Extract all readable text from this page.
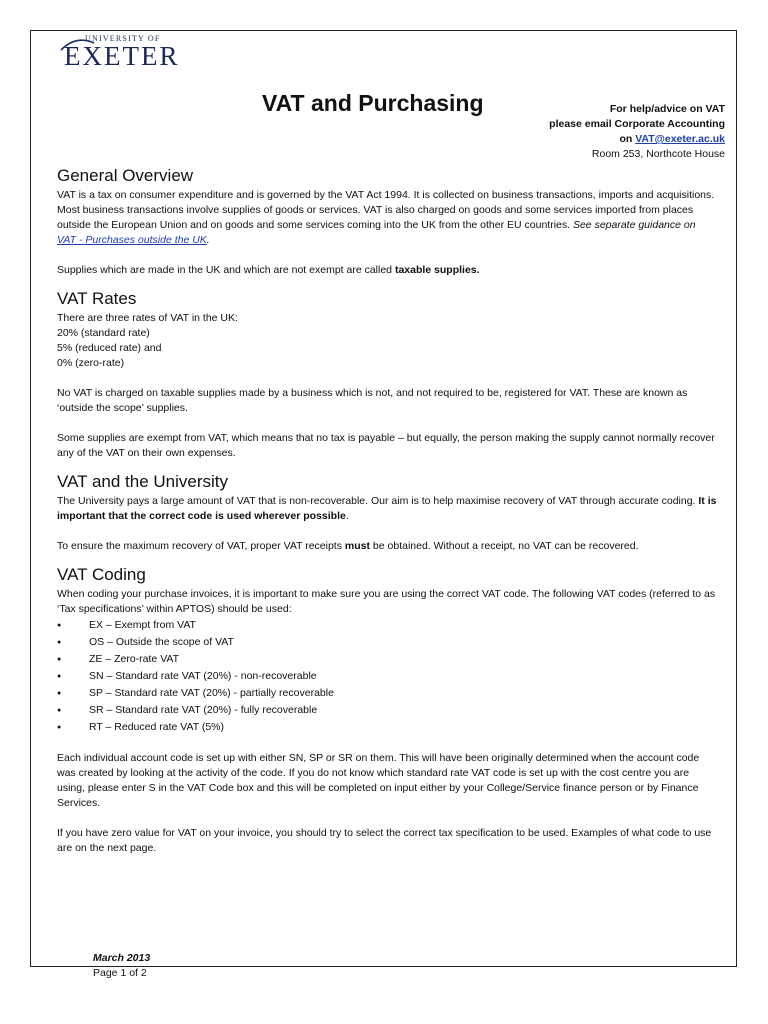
UNIVERSITY OF
EXETER
VAT and Purchasing	For help/advice on VAT
please email Corporate Accounting
on VAT@exeter.ac.uk
Room 253, Northcote House
General Overview

VAT is a tax on consumer expenditure and is governed by the VAT Act 1994. It is collected on business transactions, imports and acquisitions. Most business transactions involve supplies of goods or services. VAT is also charged on goods and some services imported from places outside the European Union and on goods and some services coming into the UK from the other EU countries. See separate guidance on VAT - Purchases outside the UK.

Supplies which are made in the UK and which are not exempt are called taxable supplies.

VAT Rates

There are three rates of VAT in the UK:

20% (standard rate)

5% (reduced rate) and

0% (zero-rate)

No VAT is charged on taxable supplies made by a business which is not, and not required to be, registered for VAT. These are known as ‘outside the scope’ supplies.

Some supplies are exempt from VAT, which means that no tax is payable – but equally, the person making the supply cannot normally recover any of the VAT on their own expenses.

VAT and the University

The University pays a large amount of VAT that is non-recoverable. Our aim is to help maximise recovery of VAT through accurate coding. It is important that the correct code is used wherever possible.

To ensure the maximum recovery of VAT, proper VAT receipts must be obtained. Without a receipt, no VAT can be recovered.

VAT Coding

When coding your purchase invoices, it is important to make sure you are using the correct VAT code. The following VAT codes (referred to as ‘Tax specifications’ within APTOS) should be used:

● EX – Exempt from VAT
● OS – Outside the scope of VAT
● ZE – Zero-rate VAT
● SN – Standard rate VAT (20%) - non-recoverable
● SP – Standard rate VAT (20%) - partially recoverable
● SR – Standard rate VAT (20%) - fully recoverable
● RT – Reduced rate VAT (5%)

Each individual account code is set up with either SN, SP or SR on them. This will have been originally determined when the account code was created by looking at the activity of the code. If you do not know which standard rate VAT code is set up with the cost centre you are using, please enter S in the VAT Code box and this will be completed on input either by your College/Service finance person or by Finance Services.

If you have zero value for VAT on your invoice, you should try to select the correct tax specification to be used. Examples of what code to use are on the next page.

March 2013
Page 1 of 2
